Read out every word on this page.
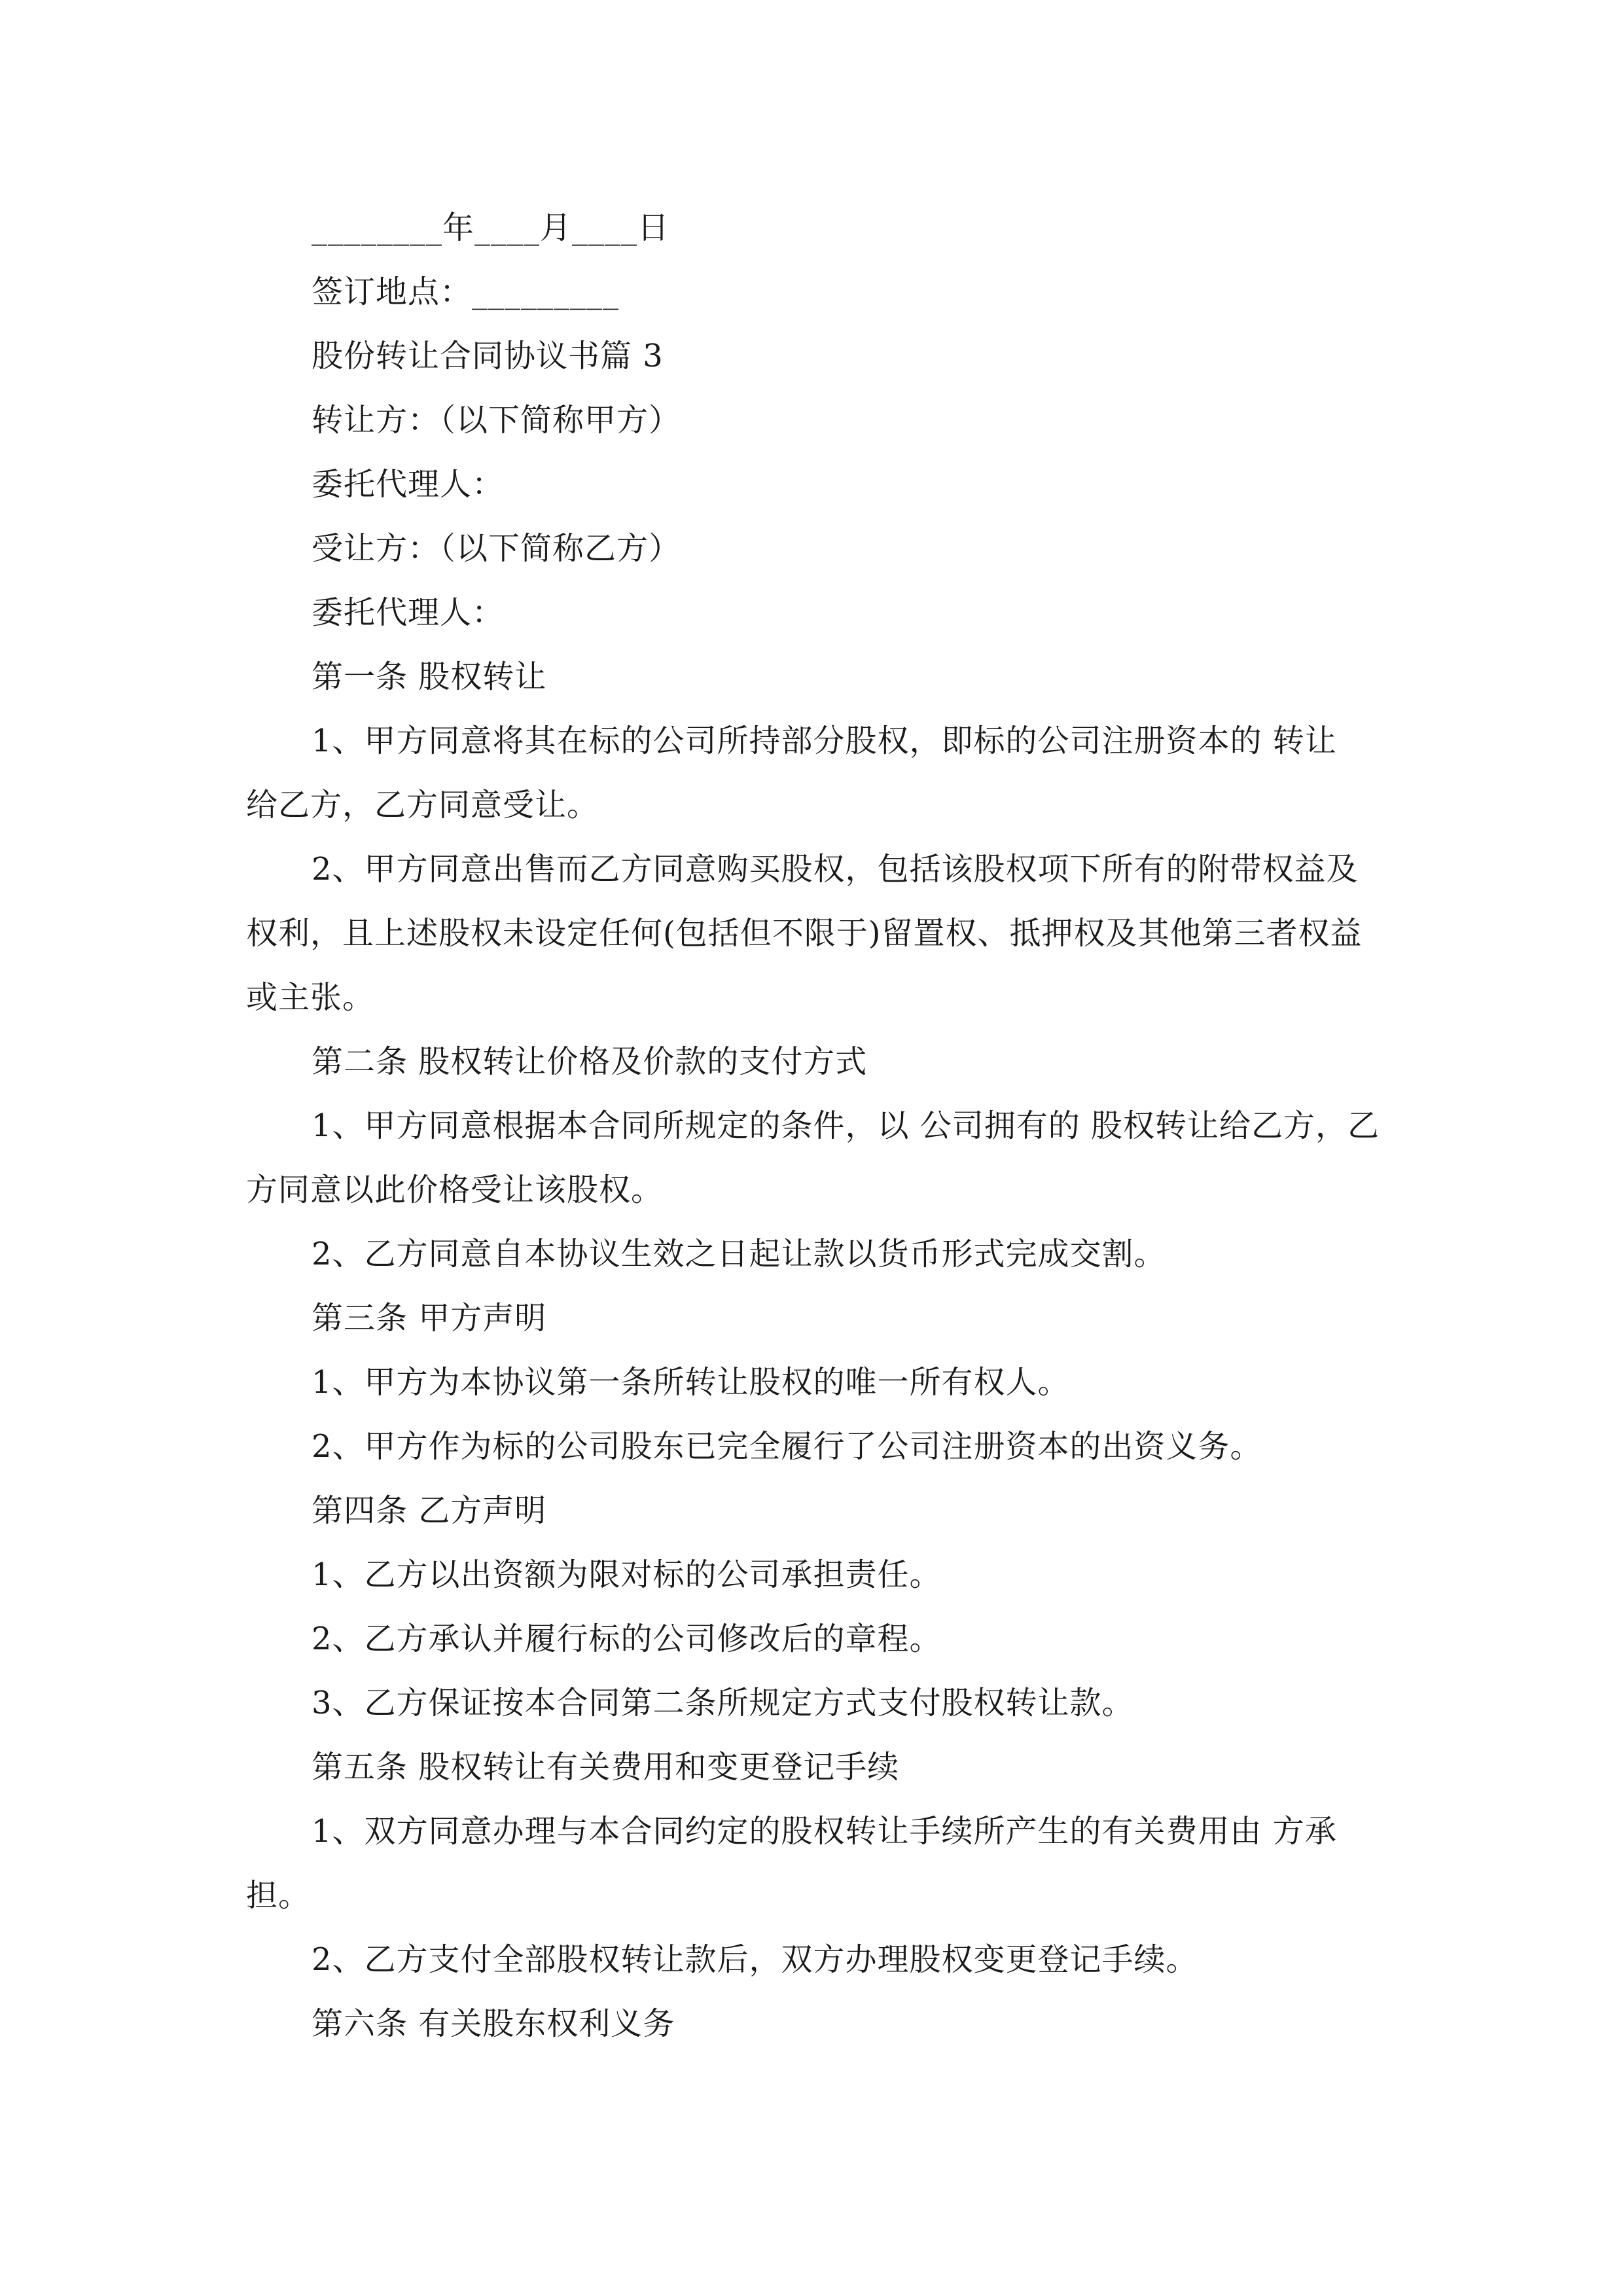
________年____月____日
签订地点：_________
股份转让合同协议书篇 3
转让方：（以下简称甲方）
委托代理人：
受让方：（以下简称乙方）
委托代理人：
第一条 股权转让
1、甲方同意将其在标的公司所持部分股权，即标的公司注册资本的 转让
给乙方，乙方同意受让。
2、甲方同意出售而乙方同意购买股权，包括该股权项下所有的附带权益及
权利，且上述股权未设定任何(包括但不限于)留置权、抵押权及其他第三者权益
或主张。
第二条 股权转让价格及价款的支付方式
1、甲方同意根据本合同所规定的条件，以 公司拥有的 股权转让给乙方，乙
方同意以此价格受让该股权。
2、乙方同意自本协议生效之日起让款以货币形式完成交割。
第三条 甲方声明
1、甲方为本协议第一条所转让股权的唯一所有权人。
2、甲方作为标的公司股东已完全履行了公司注册资本的出资义务。
第四条 乙方声明
1、乙方以出资额为限对标的公司承担责任。
2、乙方承认并履行标的公司修改后的章程。
3、乙方保证按本合同第二条所规定方式支付股权转让款。
第五条 股权转让有关费用和变更登记手续
1、双方同意办理与本合同约定的股权转让手续所产生的有关费用由 方承
担。
2、乙方支付全部股权转让款后，双方办理股权变更登记手续。
第六条 有关股东权利义务
